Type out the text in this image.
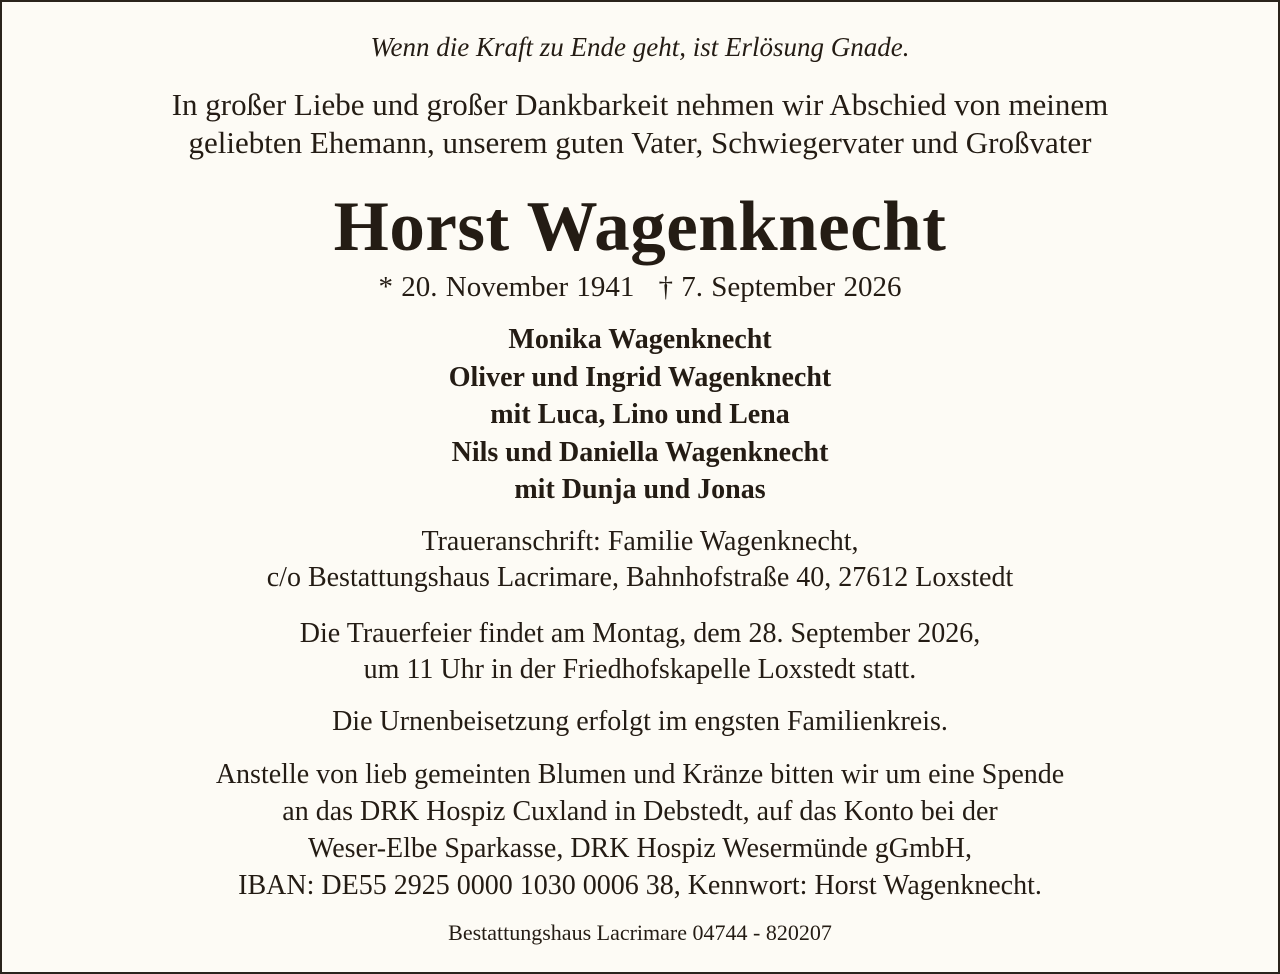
Wenn die Kraft zu Ende geht, ist Erlösung Gnade.

In großer Liebe und großer Dankbarkeit nehmen wir Abschied von meinem
geliebten Ehemann, unserem guten Vater, Schwiegervater und Großvater
Horst Wagenknecht
* 20. November 1941 † 7. September 2026
Monika Wagenknecht
Oliver und Ingrid Wagenknecht
mit Luca, Lino und Lena
Nils und Daniella Wagenknecht
mit Dunja und Jonas
Traueranschrift: Familie Wagenknecht,
c/o Bestattungshaus Lacrimare, Bahnhofstraße 40, 27612 Loxstedt
Die Trauerfeier findet am Montag, dem 28. September 2026,
um 11 Uhr in der Friedhofskapelle Loxstedt statt.

Die Urnenbeisetzung erfolgt im engsten Familienkreis.

Anstelle von lieb gemeinten Blumen und Kränze bitten wir um eine Spende
an das DRK Hospiz Cuxland in Debstedt, auf das Konto bei der
Weser-Elbe Sparkasse, DRK Hospiz Wesermünde gGmbH,
IBAN: DE55 2925 0000 1030 0006 38, Kennwort: Horst Wagenknecht.

Bestattungshaus Lacrimare 04744 - 820207
